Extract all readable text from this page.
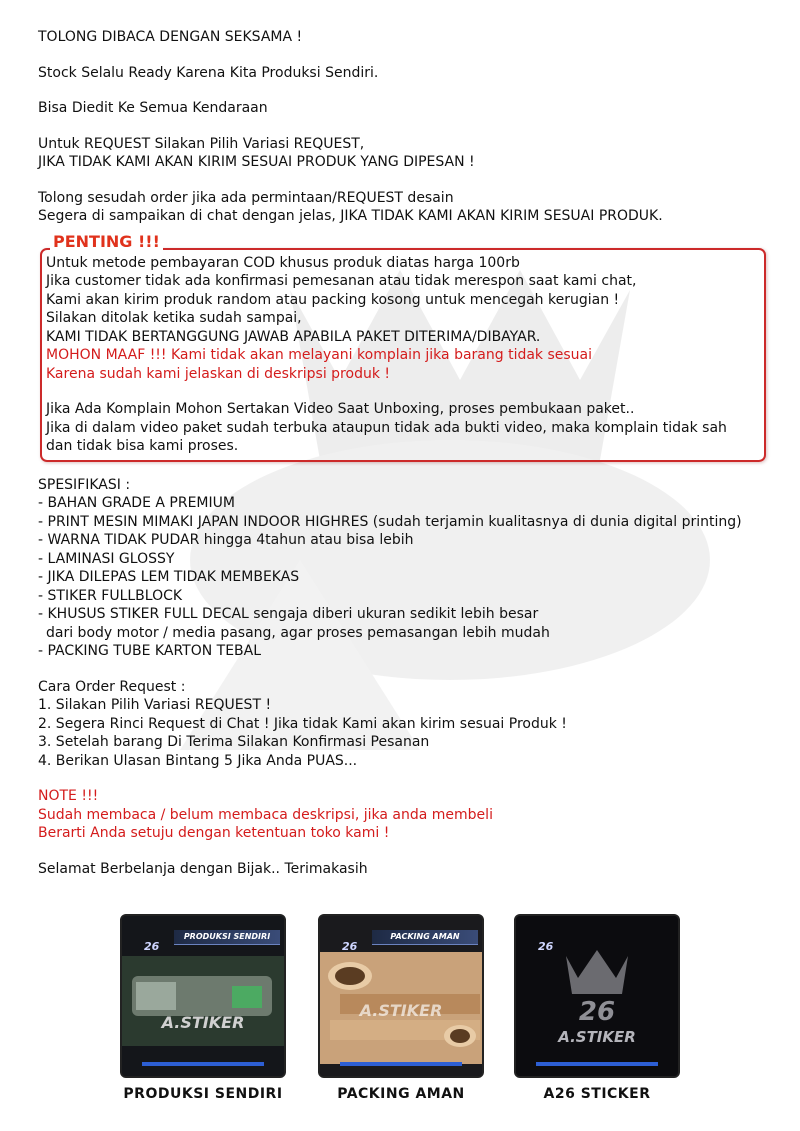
TOLONG DIBACA DENGAN SEKSAMA !
Stock Selalu Ready Karena Kita Produksi Sendiri.
Bisa Diedit Ke Semua Kendaraan
Untuk REQUEST Silakan Pilih Variasi REQUEST,
JIKA TIDAK KAMI AKAN KIRIM SESUAI PRODUK YANG DIPESAN !
Tolong sesudah order jika ada permintaan/REQUEST desain
Segera di sampaikan di chat dengan jelas, JIKA TIDAK KAMI AKAN KIRIM SESUAI PRODUK.
PENTING !!!
Untuk metode pembayaran COD khusus produk diatas harga 100rb
Jika customer tidak ada konfirmasi pemesanan atau tidak merespon saat kami chat,
Kami akan kirim produk random atau packing kosong untuk mencegah kerugian !
Silakan ditolak ketika sudah sampai,
KAMI TIDAK BERTANGGUNG JAWAB APABILA PAKET DITERIMA/DIBAYAR.
MOHON MAAF !!! Kami tidak akan melayani komplain jika barang tidak sesuai
Karena sudah kami jelaskan di deskripsi produk !
Jika Ada Komplain Mohon Sertakan Video Saat Unboxing, proses pembukaan paket..
Jika di dalam video paket sudah terbuka ataupun tidak ada bukti video, maka komplain tidak sah
dan tidak bisa kami proses.
SPESIFIKASI :
- BAHAN GRADE A PREMIUM
- PRINT MESIN MIMAKI JAPAN INDOOR HIGHRES (sudah terjamin kualitasnya di dunia digital printing)
- WARNA TIDAK PUDAR hingga 4tahun atau bisa lebih
- LAMINASI GLOSSY
- JIKA DILEPAS LEM TIDAK MEMBEKAS
- STIKER FULLBLOCK
- KHUSUS STIKER FULL DECAL sengaja diberi ukuran sedikit lebih besar
dari body motor / media pasang, agar proses pemasangan lebih mudah
- PACKING TUBE KARTON TEBAL
Cara Order Request :
1. Silakan Pilih Variasi REQUEST !
2. Segera Rinci Request di Chat ! Jika tidak Kami akan kirim sesuai Produk !
3. Setelah barang Di Terima Silakan Konfirmasi Pesanan
4. Berikan Ulasan Bintang 5 Jika Anda PUAS...
NOTE !!!
Sudah membaca / belum membaca deskripsi, jika anda membeli
Berarti Anda setuju dengan ketentuan toko kami !
Selamat Berbelanja dengan Bijak.. Terimakasih
A.STIKER
26
PRODUKSI SENDIRI
PRODUKSI SENDIRI
A.STIKER
26
PACKING AMAN
PACKING AMAN
26
A.STIKER
26
A26 STICKER
